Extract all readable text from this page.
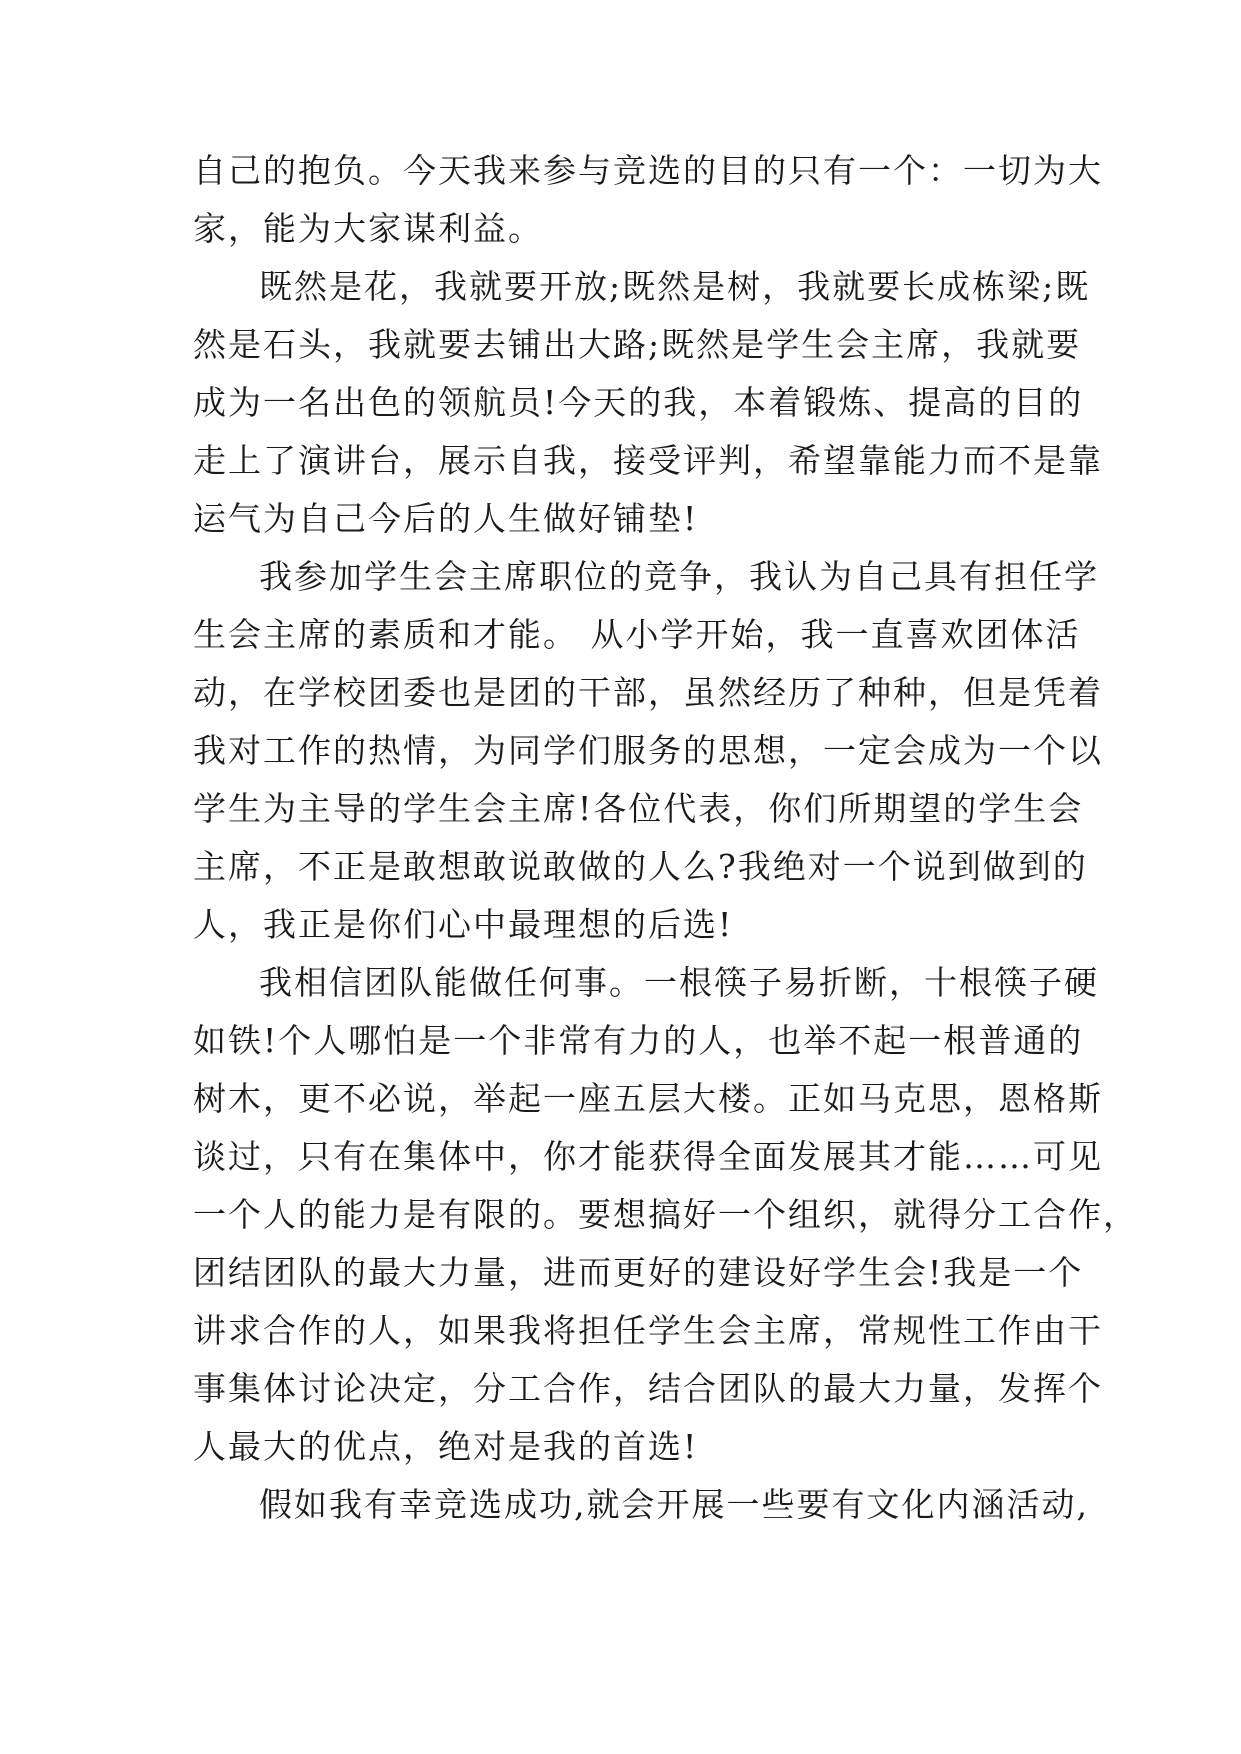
自己的抱负。今天我来参与竞选的目的只有一个：一切为大
家，能为大家谋利益。
既然是花，我就要开放;既然是树，我就要长成栋梁;既
然是石头，我就要去铺出大路;既然是学生会主席，我就要
成为一名出色的领航员!今天的我，本着锻炼、提高的目的
走上了演讲台，展示自我，接受评判，希望靠能力而不是靠
运气为自己今后的人生做好铺垫!
我参加学生会主席职位的竞争，我认为自己具有担任学
生会主席的素质和才能。 从小学开始，我一直喜欢团体活
动，在学校团委也是团的干部，虽然经历了种种，但是凭着
我对工作的热情，为同学们服务的思想，一定会成为一个以
学生为主导的学生会主席!各位代表，你们所期望的学生会
主席，不正是敢想敢说敢做的人么?我绝对一个说到做到的
人，我正是你们心中最理想的后选!
我相信团队能做任何事。一根筷子易折断，十根筷子硬
如铁!个人哪怕是一个非常有力的人，也举不起一根普通的
树木，更不必说，举起一座五层大楼。正如马克思，恩格斯
谈过，只有在集体中，你才能获得全面发展其才能……可见
一个人的能力是有限的。要想搞好一个组织，就得分工合作，
团结团队的最大力量，进而更好的建设好学生会!我是一个
讲求合作的人，如果我将担任学生会主席，常规性工作由干
事集体讨论决定，分工合作，结合团队的最大力量，发挥个
人最大的优点，绝对是我的首选!
假如我有幸竞选成功,就会开展一些要有文化内涵活动,
